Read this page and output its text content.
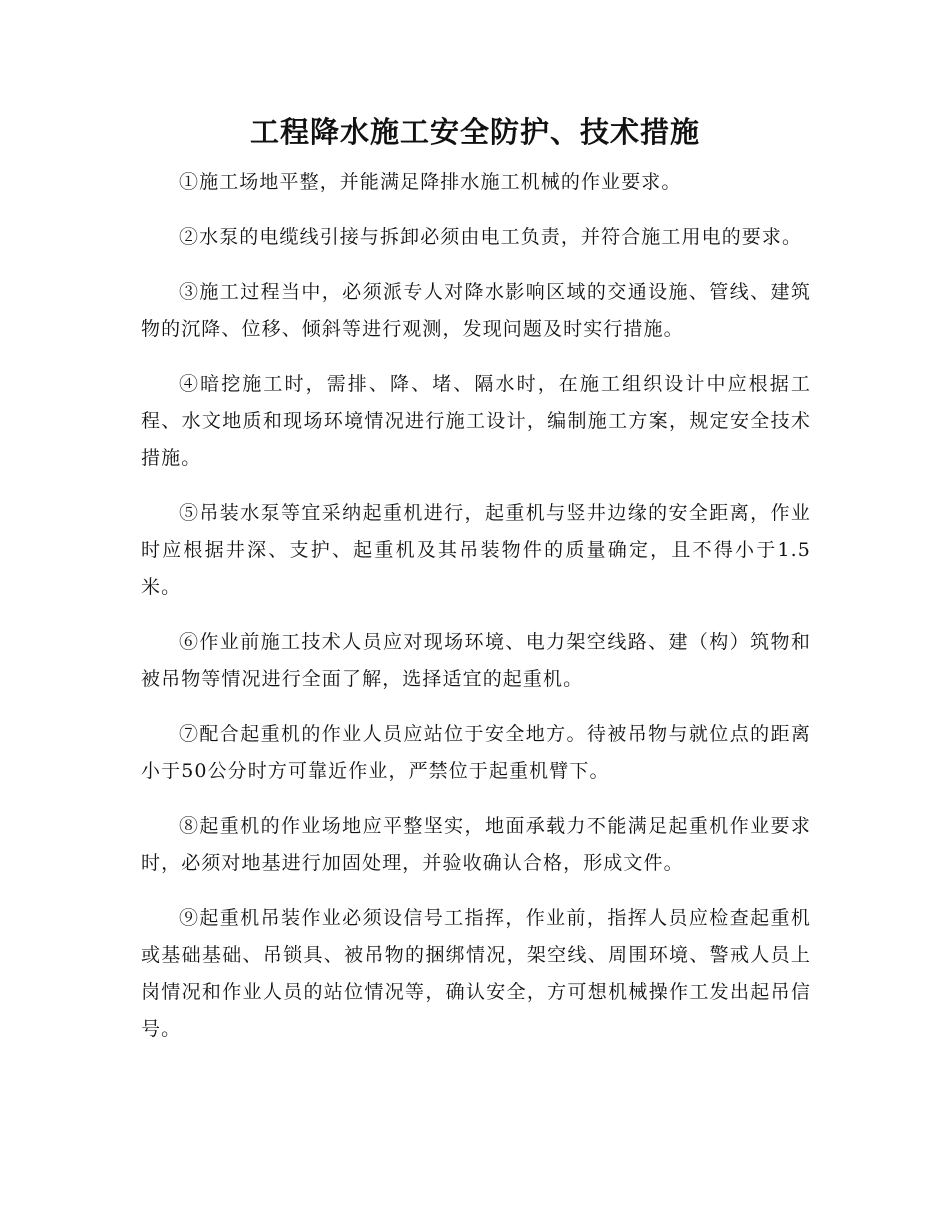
工程降水施工安全防护、技术措施

①施工场地平整，并能满足降排水施工机械的作业要求。

②水泵的电缆线引接与拆卸必须由电工负责，并符合施工用电的要求。

③施工过程当中，必须派专人对降水影响区域的交通设施、管线、建筑物的沉降、位移、倾斜等进行观测，发现问题及时实行措施。

④暗挖施工时，需排、降、堵、隔水时，在施工组织设计中应根据工程、水文地质和现场环境情况进行施工设计，编制施工方案，规定安全技术措施。

⑤吊装水泵等宜采纳起重机进行，起重机与竖井边缘的安全距离，作业时应根据井深、支护、起重机及其吊装物件的质量确定，且不得小于1.5米。

⑥作业前施工技术人员应对现场环境、电力架空线路、建（构）筑物和被吊物等情况进行全面了解，选择适宜的起重机。

⑦配合起重机的作业人员应站位于安全地方。待被吊物与就位点的距离小于50公分时方可靠近作业，严禁位于起重机臂下。

⑧起重机的作业场地应平整坚实，地面承载力不能满足起重机作业要求时，必须对地基进行加固处理，并验收确认合格，形成文件。

⑨起重机吊装作业必须设信号工指挥，作业前，指挥人员应检查起重机或基础基础、吊锁具、被吊物的捆绑情况，架空线、周围环境、警戒人员上岗情况和作业人员的站位情况等，确认安全，方可想机械操作工发出起吊信号。
